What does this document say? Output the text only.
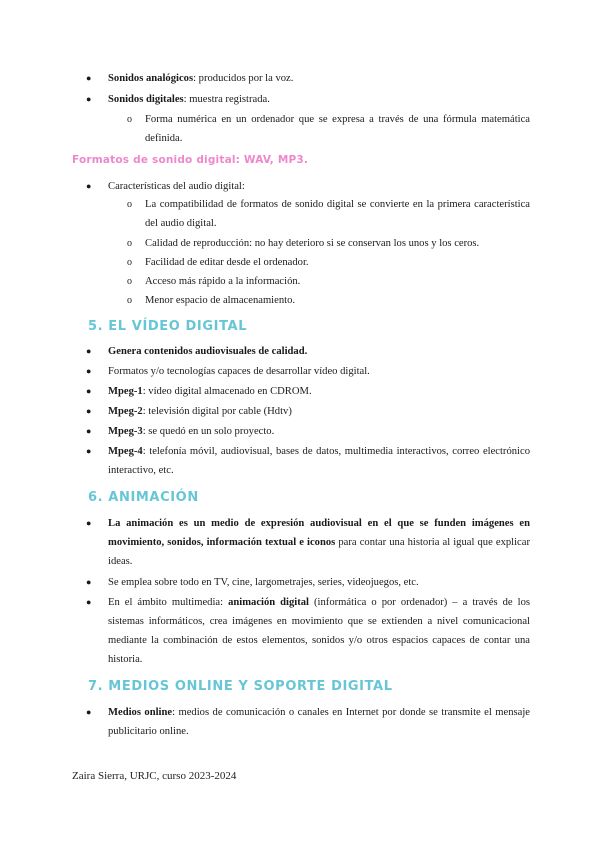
●	Sonidos analógicos: producidos por la voz.
●	Sonidos digitales: muestra registrada.
o	Forma numérica en un ordenador que se expresa a través de una fórmula matemática definida.
Formatos de sonido digital: WAV, MP3.
●	Características del audio digital:
o	La compatibilidad de formatos de sonido digital se convierte en la primera característica del audio digital.
o	Calidad de reproducción: no hay deterioro si se conservan los unos y los ceros.
o	Facilidad de editar desde el ordenador.
o	Acceso más rápido a la información.
o	Menor espacio de almacenamiento.
5. EL VÍDEO DIGITAL
●	Genera contenidos audiovisuales de calidad.
●	Formatos y/o tecnologías capaces de desarrollar vídeo digital.
●	Mpeg-1: vídeo digital almacenado en CDROM.
●	Mpeg-2: televisión digital por cable (Hdtv)
●	Mpeg-3: se quedó en un solo proyecto.
●	Mpeg-4: telefonía móvil, audiovisual, bases de datos, multimedia interactivos, correo electrónico interactivo, etc.
6. ANIMACIÓN
●	La animación es un medio de expresión audiovisual en el que se funden imágenes en movimiento, sonidos, información textual e iconos para contar una historia al igual que explicar ideas.
●	Se emplea sobre todo en TV, cine, largometrajes, series, videojuegos, etc.
●	En el ámbito multimedia: animación digital (informática o por ordenador) – a través de los sistemas informáticos, crea imágenes en movimiento que se extienden a nivel comunicacional mediante la combinación de estos elementos, sonidos y/o otros espacios capaces de contar una historia.
7. MEDIOS ONLINE Y SOPORTE DIGITAL
●	Medios online: medios de comunicación o canales en Internet por donde se transmite el mensaje publicitario online.
Zaira Sierra, URJC, curso 2023-2024
